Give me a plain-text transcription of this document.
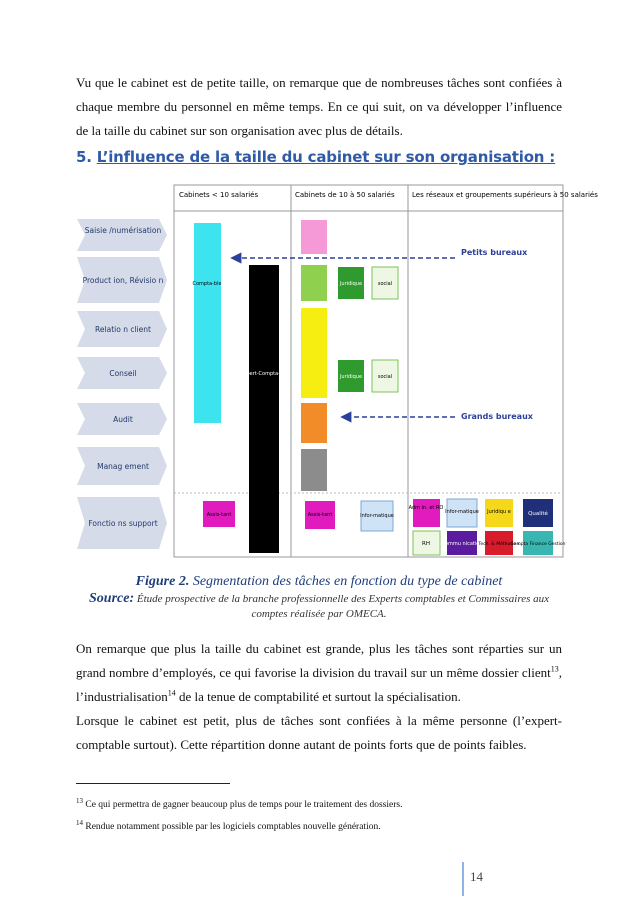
Vu que le cabinet est de petite taille, on remarque que de nombreuses tâches sont confiées à chaque membre du personnel en même temps. En ce qui suit, on va développer l’influence de la taille du cabinet sur son organisation avec plus de détails.

5. L’influence de la taille du cabinet sur son organisation :
Cabinets < 10 salariés	Cabinets de 10 à 50 salariés Les réseaux et groupements supérieurs à 50 salariés
Saisie /numérisation
Product ion, Révisio n
Relatio n client
Conseil
Audit
Manag ement
Fonctio ns support
Compta-ble
Expert-Compta-ble
Assis-tant
Juridique	social
Juridique	social
Assis-tant	Infor-matique
Adm in. et RO
Infor-matique Juridiqu e	Qualité
RH Commu nication
Tech. & Méthode s
Compta Finance Gestion
Petits bureaux
Grands bureaux

Figure 2. Segmentation des tâches en fonction du type de cabinet

Source: Étude prospective de la branche professionnelle des Experts comptables et Commissaires aux comptes réalisée par OMECA.

On remarque que plus la taille du cabinet est grande, plus les tâches sont réparties sur un grand nombre d’employés, ce qui favorise la division du travail sur un même dossier client$^{13}$, l’industrialisation$^{14}$ de la tenue de comptabilité et surtout la spécialisation.

Lorsque le cabinet est petit, plus de tâches sont confiées à la même personne (l’expert-comptable surtout). Cette répartition donne autant de points forts que de points faibles.

$^{13}$ Ce qui permettra de gagner beaucoup plus de temps pour le traitement des dossiers.

$^{14}$ Rendue notamment possible par les logiciels comptables nouvelle génération.

14
